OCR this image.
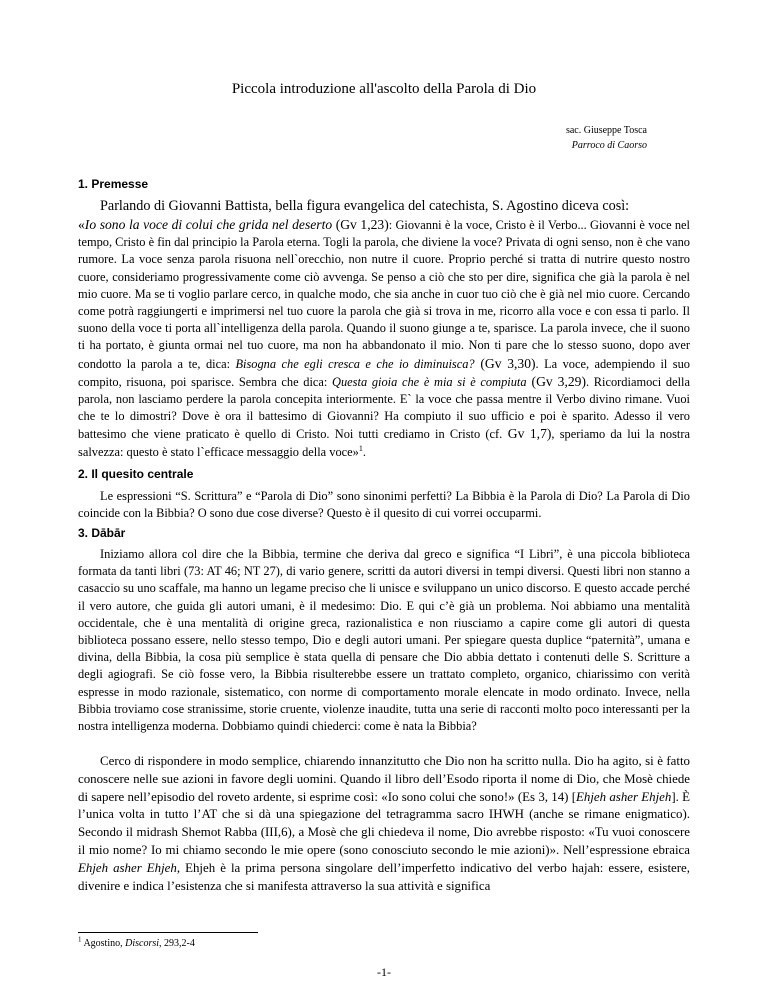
Piccola introduzione all'ascolto della Parola di Dio
sac. Giuseppe Tosca
Parroco di Caorso
1. Premesse

Parlando di Giovanni Battista, bella figura evangelica del catechista, S. Agostino diceva così:

«Io sono la voce di colui che grida nel deserto (Gv 1,23): Giovanni è la voce, Cristo è il Verbo... Giovanni è voce nel tempo, Cristo è fin dal principio la Parola eterna. Togli la parola, che diviene la voce? Privata di ogni senso, non è che vano rumore. La voce senza parola risuona nell`orecchio, non nutre il cuore. Proprio perché si tratta di nutrire questo nostro cuore, consideriamo progressivamente come ciò avvenga. Se penso a ciò che sto per dire, significa che già la parola è nel mio cuore. Ma se ti voglio parlare cerco, in qualche modo, che sia anche in cuor tuo ciò che è già nel mio cuore. Cercando come potrà raggiungerti e imprimersi nel tuo cuore la parola che già si trova in me, ricorro alla voce e con essa ti parlo. Il suono della voce ti porta all`intelligenza della parola. Quando il suono giunge a te, sparisce. La parola invece, che il suono ti ha portato, è giunta ormai nel tuo cuore, ma non ha abbandonato il mio. Non ti pare che lo stesso suono, dopo aver condotto la parola a te, dica: Bisogna che egli cresca e che io diminuisca? (Gv 3,30). La voce, adempiendo il suo compito, risuona, poi sparisce. Sembra che dica: Questa gioia che è mia si è compiuta (Gv 3,29). Ricordiamoci della parola, non lasciamo perdere la parola concepita interiormente. E` la voce che passa mentre il Verbo divino rimane. Vuoi che te lo dimostri? Dove è ora il battesimo di Giovanni? Ha compiuto il suo ufficio e poi è sparito. Adesso il vero battesimo che viene praticato è quello di Cristo. Noi tutti crediamo in Cristo (cf. Gv 1,7), speriamo da lui la nostra salvezza: questo è stato l`efficace messaggio della voce»$^1$.

2. Il quesito centrale

Le espressioni “S. Scrittura” e “Parola di Dio” sono sinonimi perfetti? La Bibbia è la Parola di Dio? La Parola di Dio coincide con la Bibbia? O sono due cose diverse? Questo è il quesito di cui vorrei occuparmi.

3. Dābār

Iniziamo allora col dire che la Bibbia, termine che deriva dal greco e significa “I Libri”, è una piccola biblioteca formata da tanti libri (73: AT 46; NT 27), di vario genere, scritti da autori diversi in tempi diversi. Questi libri non stanno a casaccio su uno scaffale, ma hanno un legame preciso che li unisce e sviluppano un unico discorso. E questo accade perché il vero autore, che guida gli autori umani, è il medesimo: Dio. E qui c’è già un problema. Noi abbiamo una mentalità occidentale, che è una mentalità di origine greca, razionalistica e non riusciamo a capire come gli autori di questa biblioteca possano essere, nello stesso tempo, Dio e degli autori umani. Per spiegare questa duplice “paternità”, umana e divina, della Bibbia, la cosa più semplice è stata quella di pensare che Dio abbia dettato i contenuti delle S. Scritture a degli agiografi. Se ciò fosse vero, la Bibbia risulterebbe essere un trattato completo, organico, chiarissimo con verità espresse in modo razionale, sistematico, con norme di comportamento morale elencate in modo ordinato. Invece, nella Bibbia troviamo cose stranissime, storie cruente, violenze inaudite, tutta una serie di racconti molto poco interessanti per la nostra intelligenza moderna. Dobbiamo quindi chiederci: come è nata la Bibbia?

Cerco di rispondere in modo semplice, chiarendo innanzitutto che Dio non ha scritto nulla. Dio ha agito, si è fatto conoscere nelle sue azioni in favore degli uomini. Quando il libro dell’Esodo riporta il nome di Dio, che Mosè chiede di sapere nell’episodio del roveto ardente, si esprime così: «Io sono colui che sono!» (Es 3, 14) [Ehjeh asher Ehjeh]. È l’unica volta in tutto l’AT che si dà una spiegazione del tetragramma sacro IHWH (anche se rimane enigmatico). Secondo il midrash Shemot Rabba (III,6), a Mosè che gli chiedeva il nome, Dio avrebbe risposto: «Tu vuoi conoscere il mio nome? Io mi chiamo secondo le mie opere (sono conosciuto secondo le mie azioni)». Nell’espressione ebraica Ehjeh asher Ehjeh, Ehjeh è la prima persona singolare dell’imperfetto indicativo del verbo hajah: essere, esistere, divenire e indica l’esistenza che si manifesta attraverso la sua attività e significa

$^1$ Agostino, Discorsi, 293,2-4
-1-
